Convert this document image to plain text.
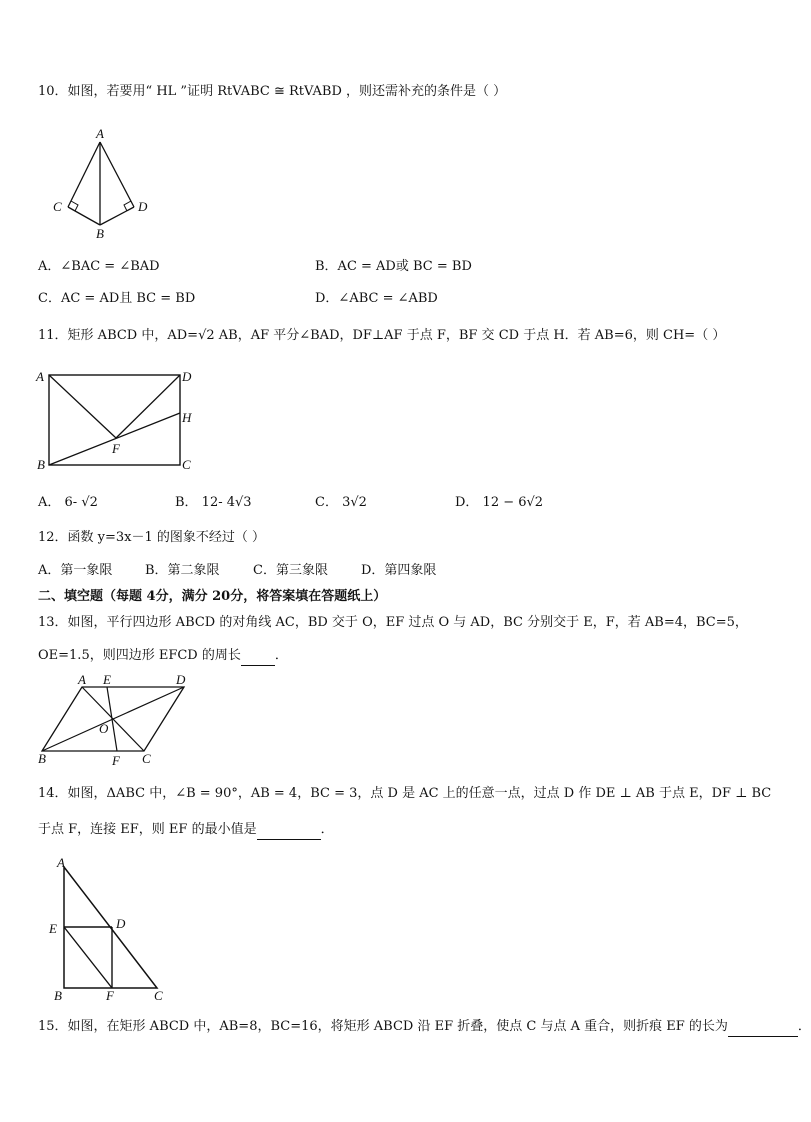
10．如图，若要用“ HL ”证明 RtVABC ≅ RtVABD ，则还需补充的条件是（ ）
A
C	D
B
A．∠BAC = ∠BAD	B．AC = AD或 BC = BD
C．AC = AD且 BC = BD	D．∠ABC = ∠ABD
11．矩形 ABCD 中，AD=√2 AB，AF 平分∠BAD，DF⊥AF 于点 F，BF 交 CD 于点 H．若 AB=6，则 CH=（ ）
A	D
H
F
B	C
A． 6- √2	B． 12- 4√3	C． 3√2	D． 12 − 6√2
12．函数 y=3x－1 的图象不经过（ ）
A．第一象限	B．第二象限	C．第三象限	D．第四象限
二、填空题（每题 4分，满分 20分，将答案填在答题纸上）
13．如图，平行四边形 ABCD 的对角线 AC，BD 交于 O，EF 过点 O 与 AD，BC 分别交于 E，F，若 AB=4，BC=5，
OE=1.5，则四边形 EFCD 的周长	．
A E	D
O
B	F C
14．如图，ΔABC 中，∠B = 90°，AB = 4，BC = 3，点 D 是 AC 上的任意一点，过点 D 作 DE ⊥ AB 于点 E，DF ⊥ BC
于点 F，连接 EF，则 EF 的最小值是	．
A
E	D
B	F	C
15．如图，在矩形 ABCD 中，AB=8，BC=16，将矩形 ABCD 沿 EF 折叠，使点 C 与点 A 重合，则折痕 EF 的长为	．
